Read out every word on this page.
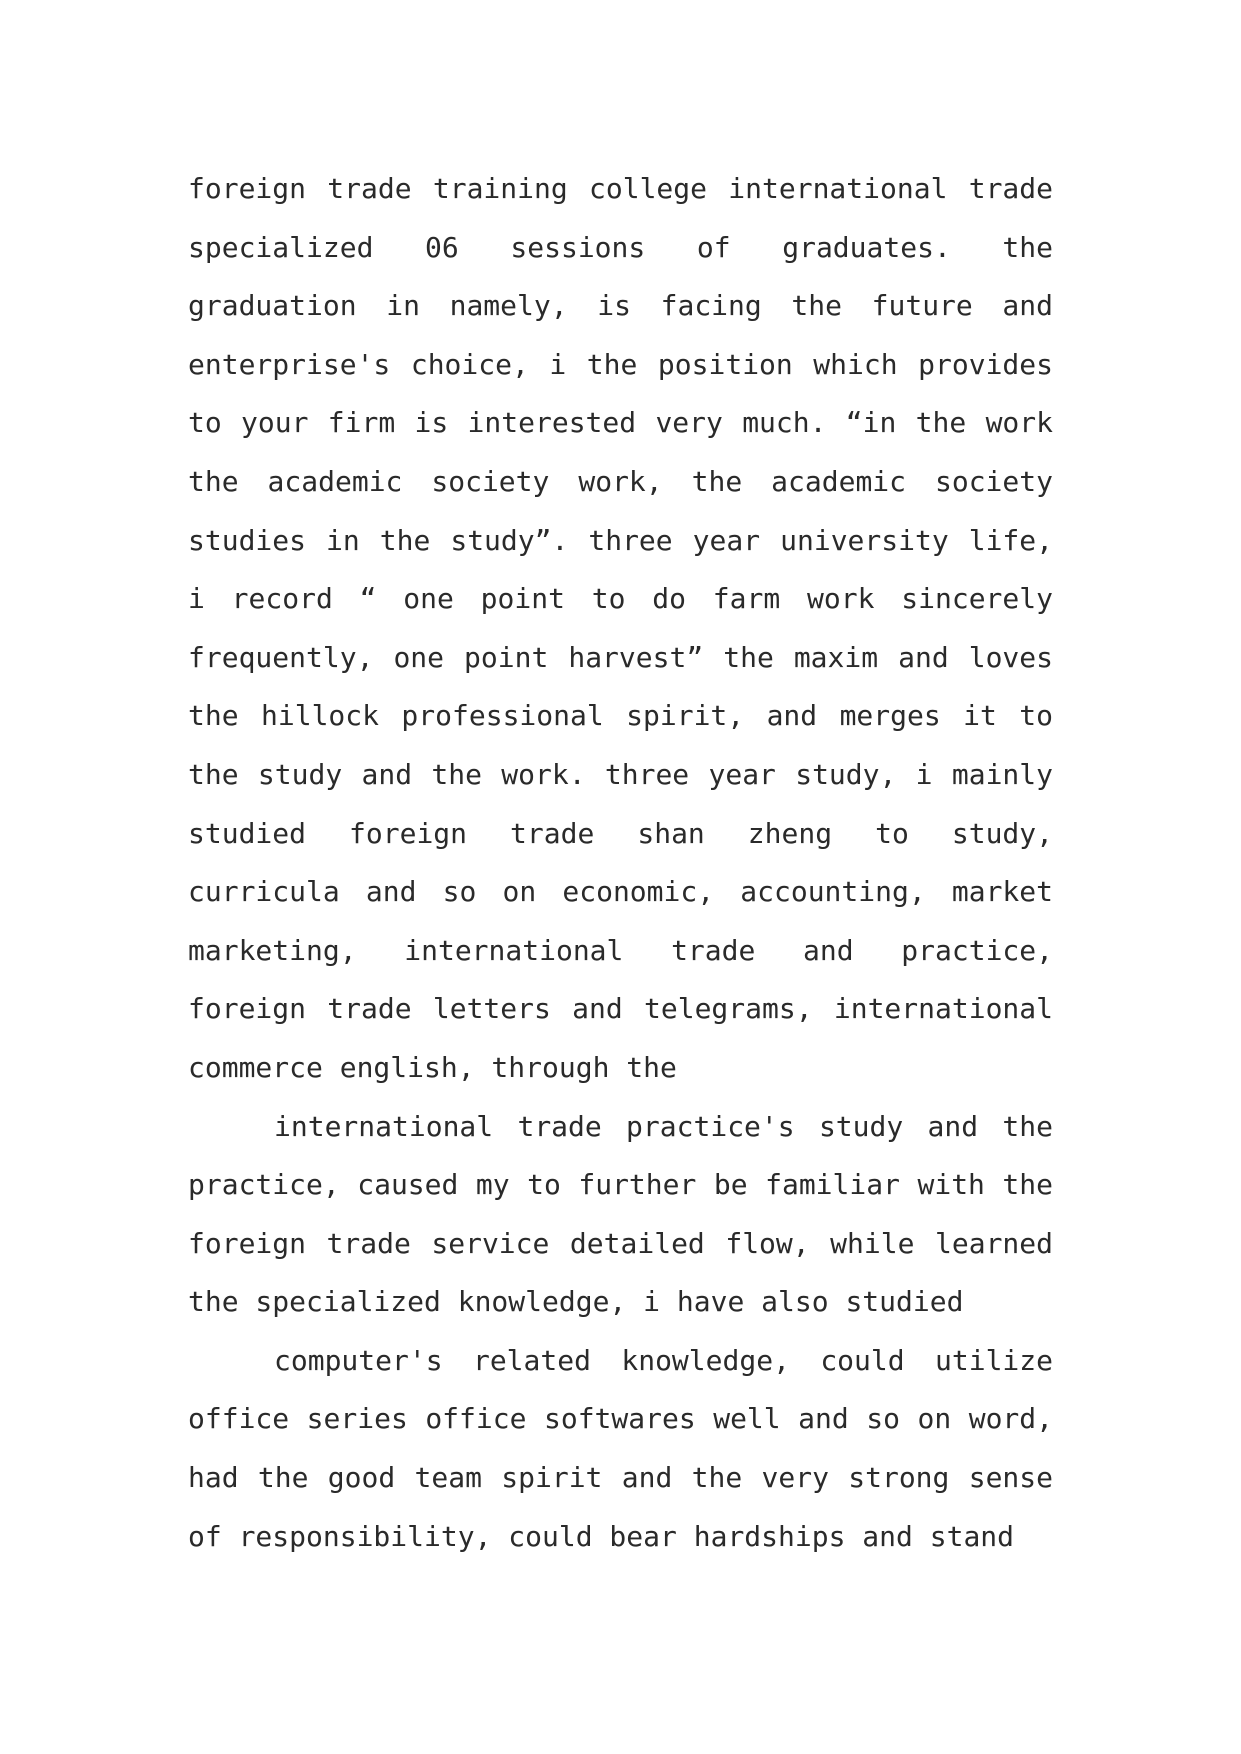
foreign trade training college international trade specialized 06 sessions of graduates. the graduation in namely, is facing the future and enterprise's choice, i the position which provides to your firm is interested very much. “in the work the academic society work, the academic society studies in the study”. three year university life, i record “ one point to do farm work sincerely frequently, one point harvest” the maxim and loves the hillock professional spirit, and merges it to the study and the work. three year study, i mainly studied foreign trade shan zheng to study, curricula and so on economic, accounting, market marketing, international trade and practice, foreign trade letters and telegrams, international commerce english, through the

international trade practice's study and the practice, caused my to further be familiar with the foreign trade service detailed flow, while learned the specialized knowledge, i have also studied

computer's related knowledge, could utilize office series office softwares well and so on word, had the good team spirit and the very strong sense of responsibility, could bear hardships and stand
